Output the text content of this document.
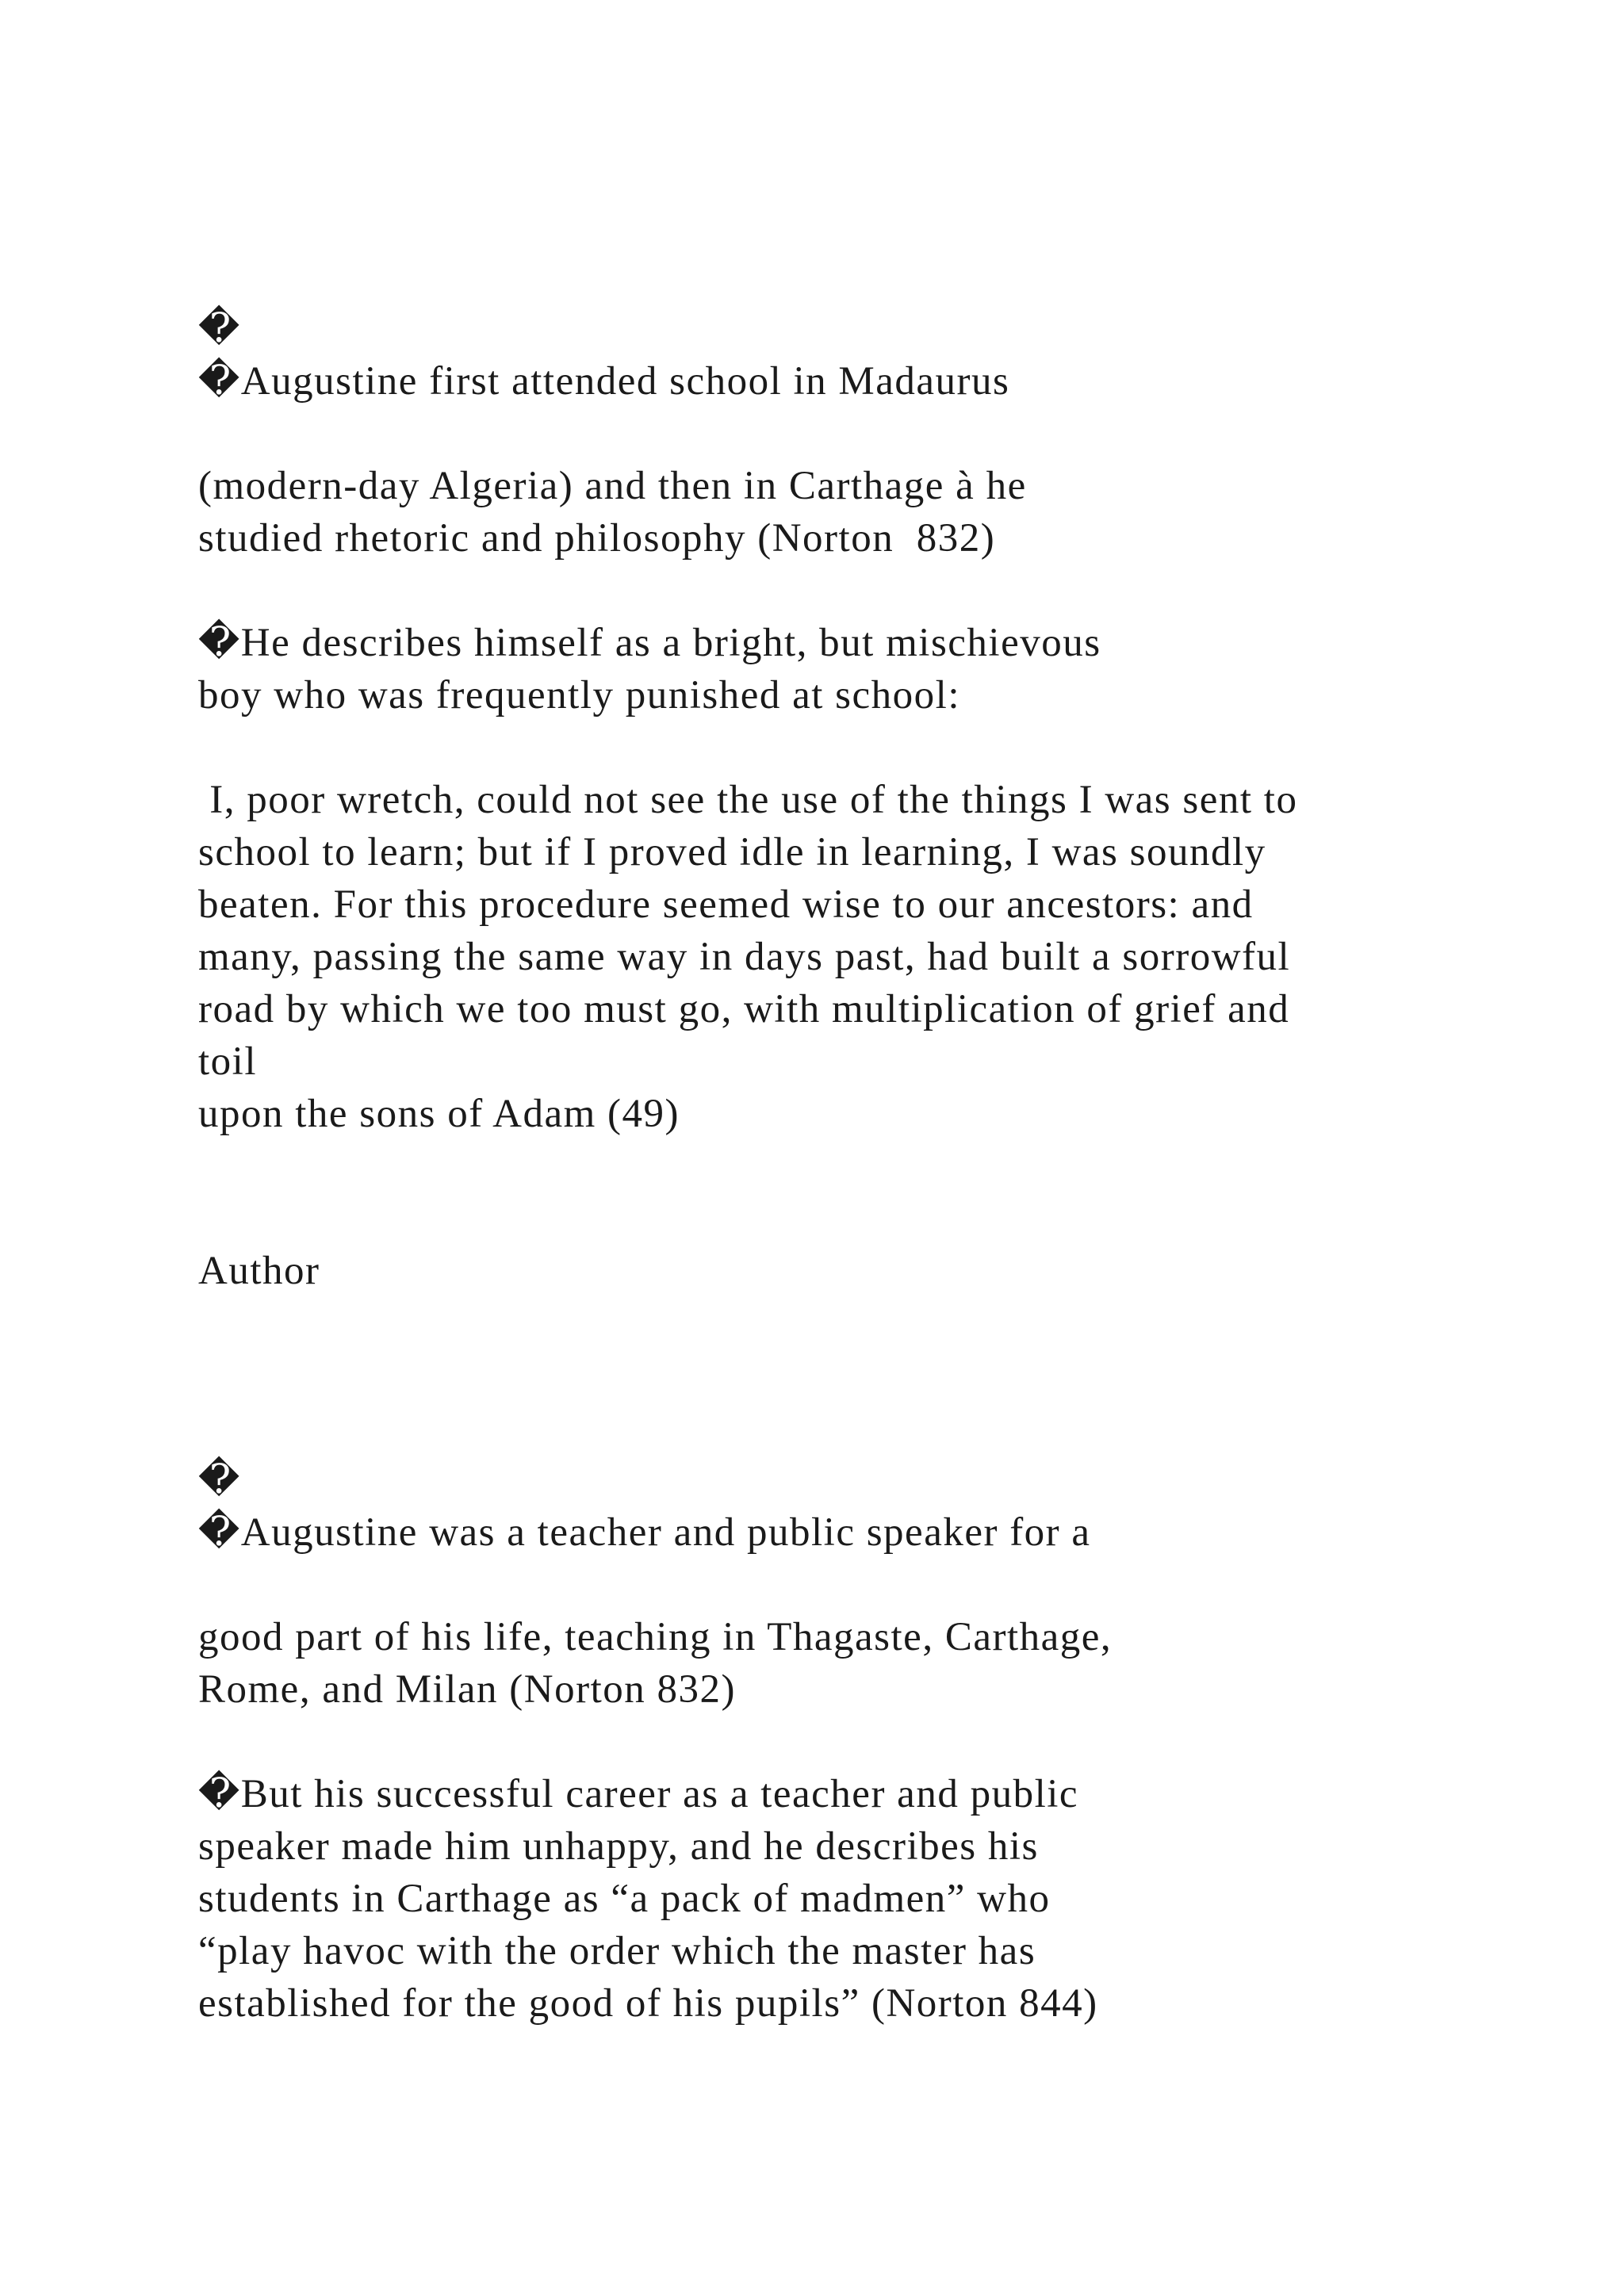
�
�Augustine first attended school in Madaurus
(modern-day Algeria) and then in Carthage à he
studied rhetoric and philosophy (Norton  832)
�He describes himself as a bright, but mischievous
boy who was frequently punished at school:
I, poor wretch, could not see the use of the things I was sent to
school to learn; but if I proved idle in learning, I was soundly
beaten. For this procedure seemed wise to our ancestors: and
many, passing the same way in days past, had built a sorrowful
road by which we too must go, with multiplication of grief and
toil
upon the sons of Adam (49)
Author
�
�Augustine was a teacher and public speaker for a
good part of his life, teaching in Thagaste, Carthage,
Rome, and Milan (Norton 832)
�But his successful career as a teacher and public
speaker made him unhappy, and he describes his
students in Carthage as “a pack of madmen” who
“play havoc with the order which the master has
established for the good of his pupils” (Norton 844)
